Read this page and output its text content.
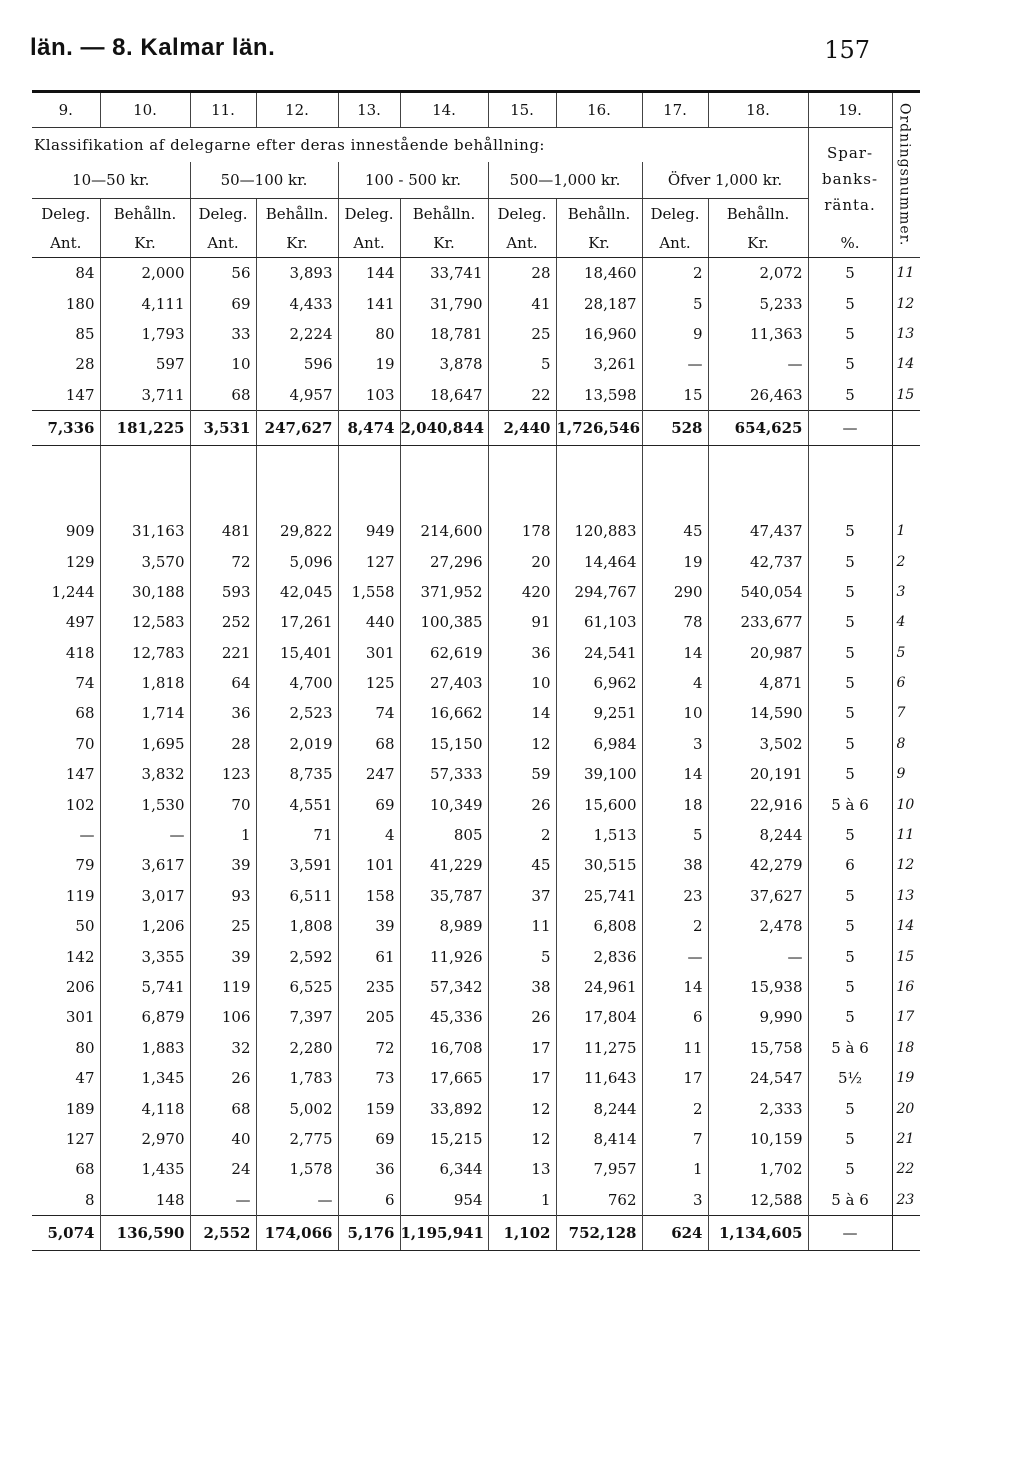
län. — 8. Kalmar län.	157
9.	10.	11.	12.	13.	14.	15.	16.	17.	18.	19.	Ordningsnummer.

Klassifikation af delegarne efter deras innestående behållning:										Spar-
banks-
ränta.	

10—50 kr.		50—100 kr.		100 - 500 kr.		500—1,000 kr.		Öfver 1,000 kr.			
Deleg.	Behålln.	Deleg.	Behålln.	Deleg.	Behålln.	Deleg.	Behålln.	Deleg.	Behålln.		
Ant.	Kr.	Ant.	Kr.	Ant.	Kr.	Ant.	Kr.	Ant.	Kr.	%.	
84	2,000	56	3,893	144	33,741	28	18,460	2	2,072	5	11
180	4,111	69	4,433	141	31,790	41	28,187	5	5,233	5	12
85	1,793	33	2,224	80	18,781	25	16,960	9	11,363	5	13
28	597	10	596	19	3,878	5	3,261	—	—	5	14
147	3,711	68	4,957	103	18,647	22	13,598	15	26,463	5	15
7,336	181,225	3,531	247,627	8,474	2,040,844	2,440	1,726,546	528	654,625	—	

909	31,163	481	29,822	949	214,600	178	120,883	45	47,437	5	1
129	3,570	72	5,096	127	27,296	20	14,464	19	42,737	5	2
1,244	30,188	593	42,045	1,558	371,952	420	294,767	290	540,054	5	3
497	12,583	252	17,261	440	100,385	91	61,103	78	233,677	5	4
418	12,783	221	15,401	301	62,619	36	24,541	14	20,987	5	5
74	1,818	64	4,700	125	27,403	10	6,962	4	4,871	5	6
68	1,714	36	2,523	74	16,662	14	9,251	10	14,590	5	7
70	1,695	28	2,019	68	15,150	12	6,984	3	3,502	5	8
147	3,832	123	8,735	247	57,333	59	39,100	14	20,191	5	9
102	1,530	70	4,551	69	10,349	26	15,600	18	22,916	5 à 6	10
—	—	1	71	4	805	2	1,513	5	8,244	5	11
79	3,617	39	3,591	101	41,229	45	30,515	38	42,279	6	12
119	3,017	93	6,511	158	35,787	37	25,741	23	37,627	5	13
50	1,206	25	1,808	39	8,989	11	6,808	2	2,478	5	14
142	3,355	39	2,592	61	11,926	5	2,836	—	—	5	15
206	5,741	119	6,525	235	57,342	38	24,961	14	15,938	5	16
301	6,879	106	7,397	205	45,336	26	17,804	6	9,990	5	17
80	1,883	32	2,280	72	16,708	17	11,275	11	15,758	5 à 6	18
47	1,345	26	1,783	73	17,665	17	11,643	17	24,547	5½	19
189	4,118	68	5,002	159	33,892	12	8,244	2	2,333	5	20
127	2,970	40	2,775	69	15,215	12	8,414	7	10,159	5	21
68	1,435	24	1,578	36	6,344	13	7,957	1	1,702	5	22
8	148	—	—	6	954	1	762	3	12,588	5 à 6	23
5,074	136,590	2,552	174,066	5,176	1,195,941	1,102	752,128	624	1,134,605	—	
